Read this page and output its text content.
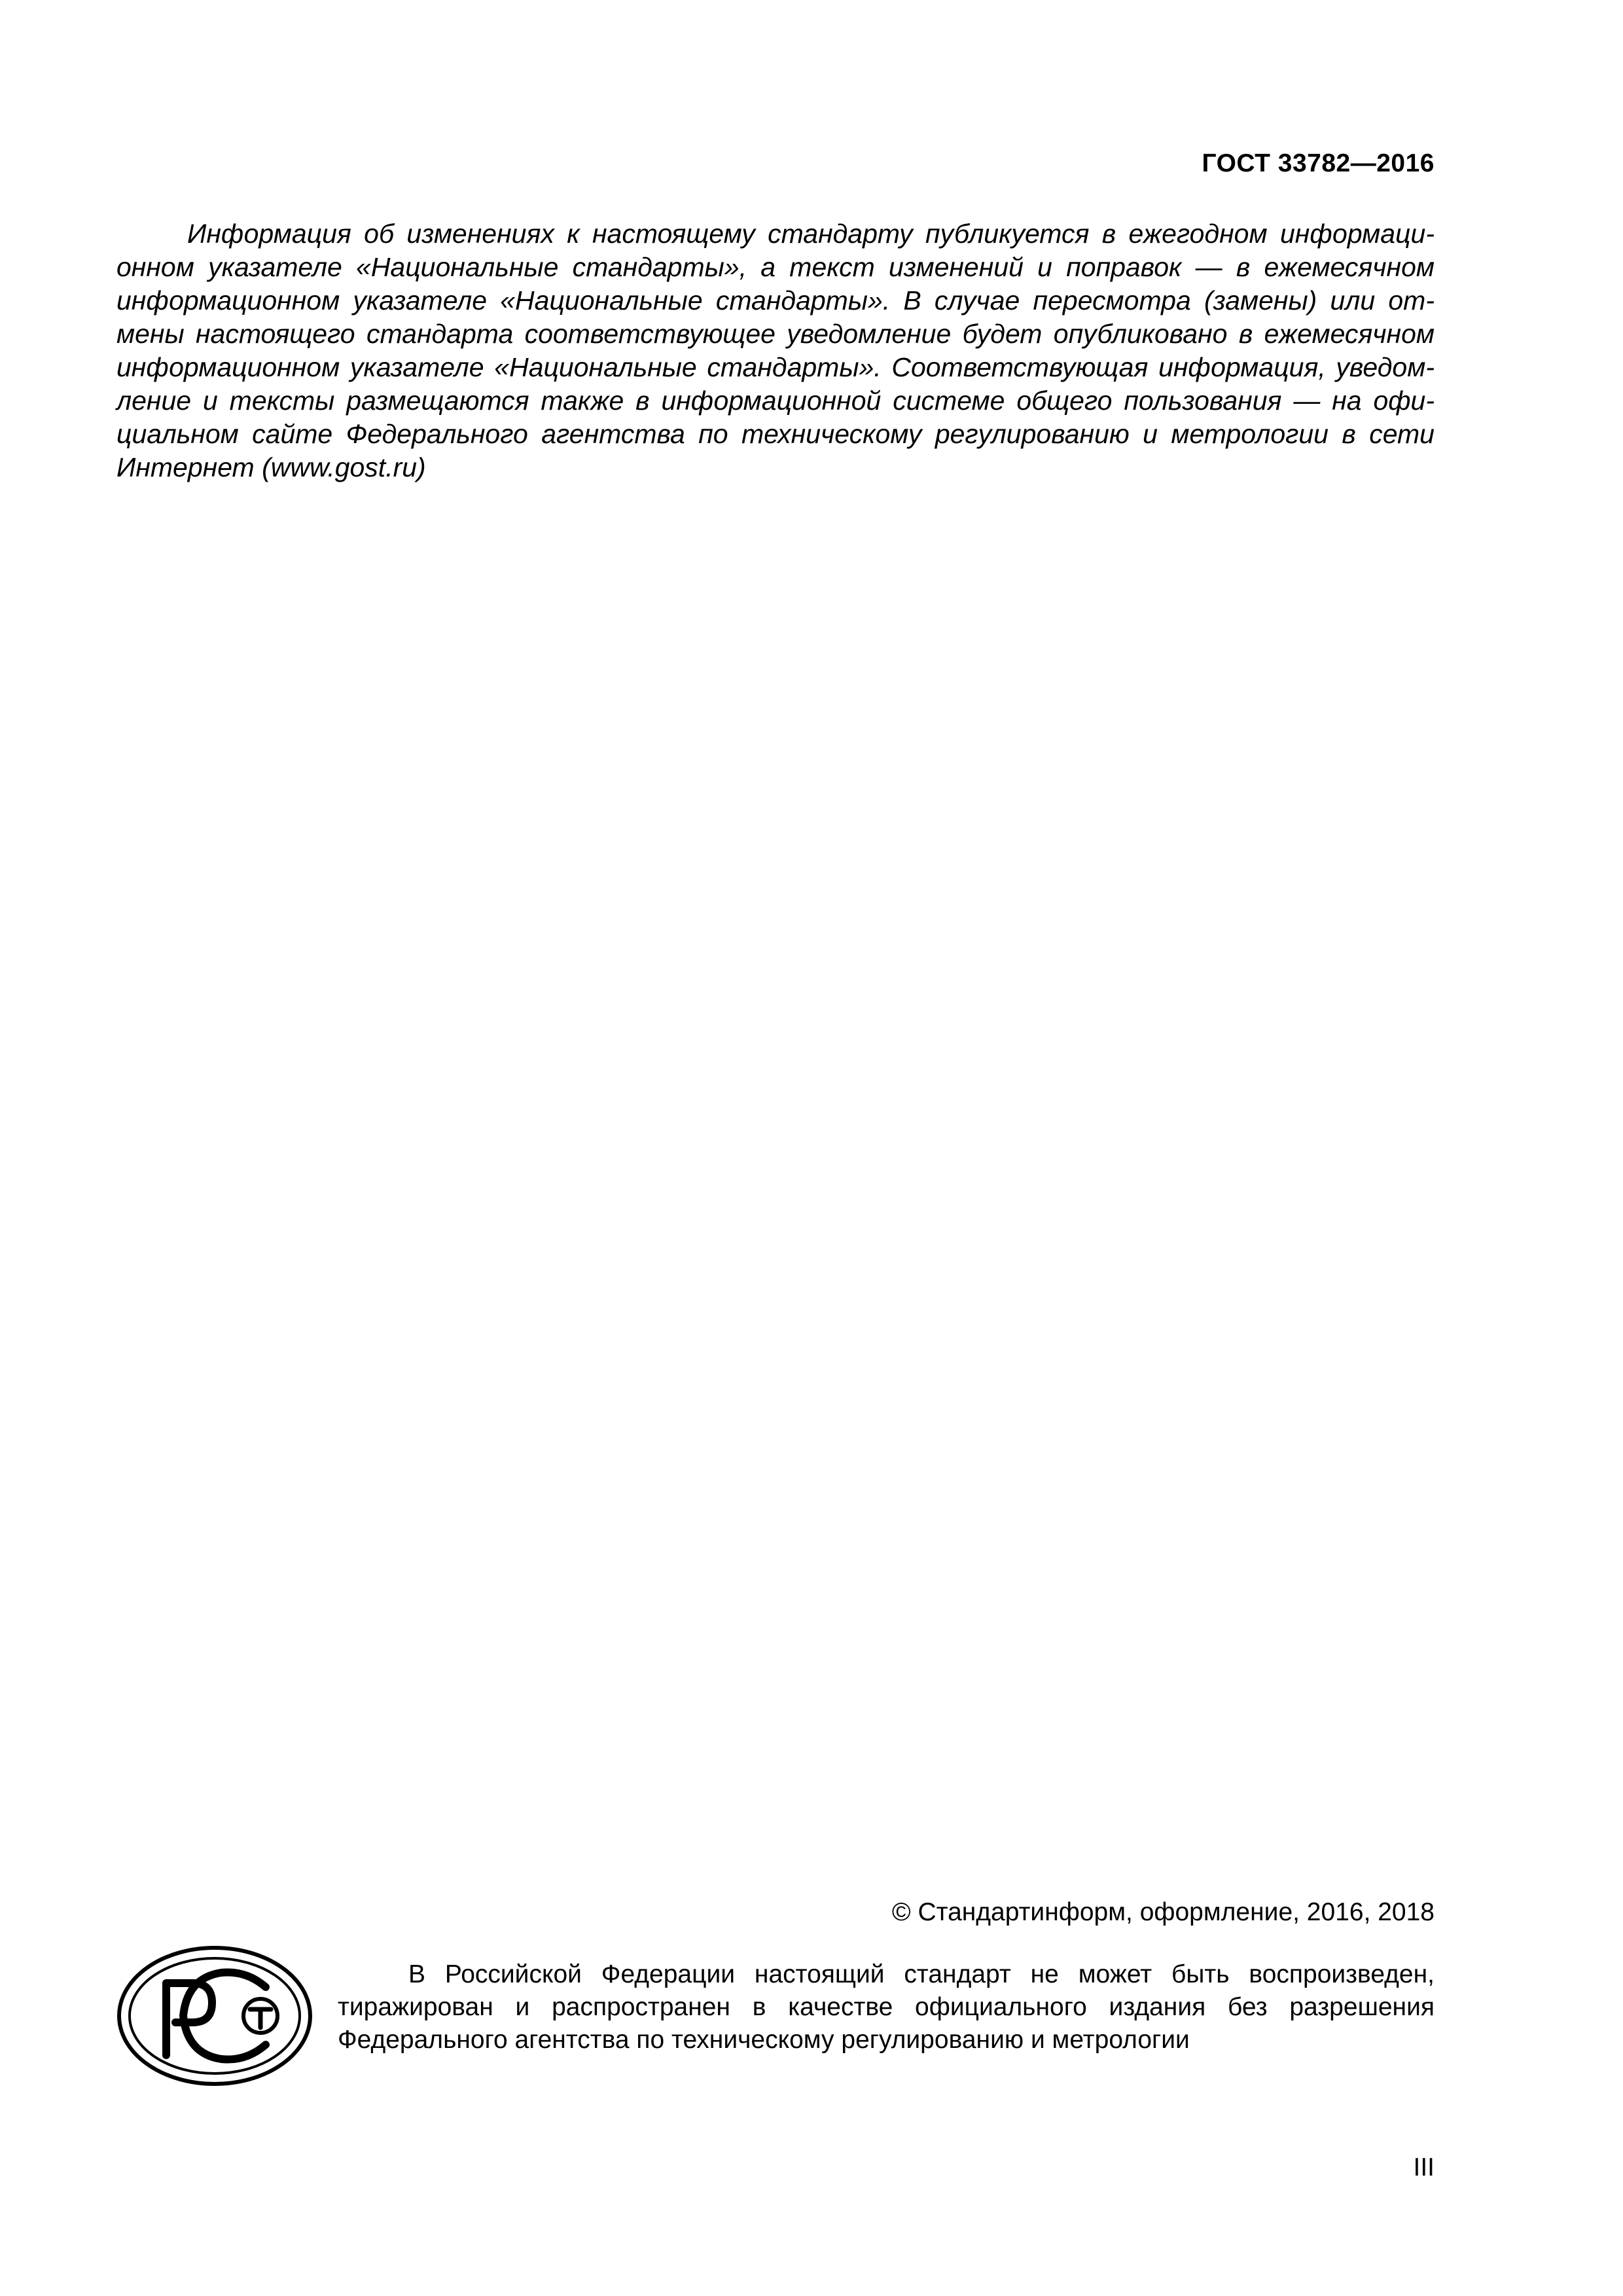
ГОСТ 33782—2016
Информация об изменениях к настоящему стандарту публикуется в ежегодном информаци-
онном указателе «Национальные стандарты», а текст изменений и поправок — в ежемесячном
информационном указателе «Национальные стандарты». В случае пересмотра (замены) или от-
мены настоящего стандарта соответствующее уведомление будет опубликовано в ежемесячном
информационном указателе «Национальные стандарты». Соответствующая информация, уведом-
ление и тексты размещаются также в информационной системе общего пользования — на офи-
циальном сайте Федерального агентства по техническому регулированию и метрологии в сети
Интернет (www.gost.ru)
© Стандартинформ, оформление, 2016, 2018
В Российской Федерации настоящий стандарт не может быть воспроизведен,
тиражирован и распространен в качестве официального издания без разрешения
Федерального агентства по техническому регулированию и метрологии
III
